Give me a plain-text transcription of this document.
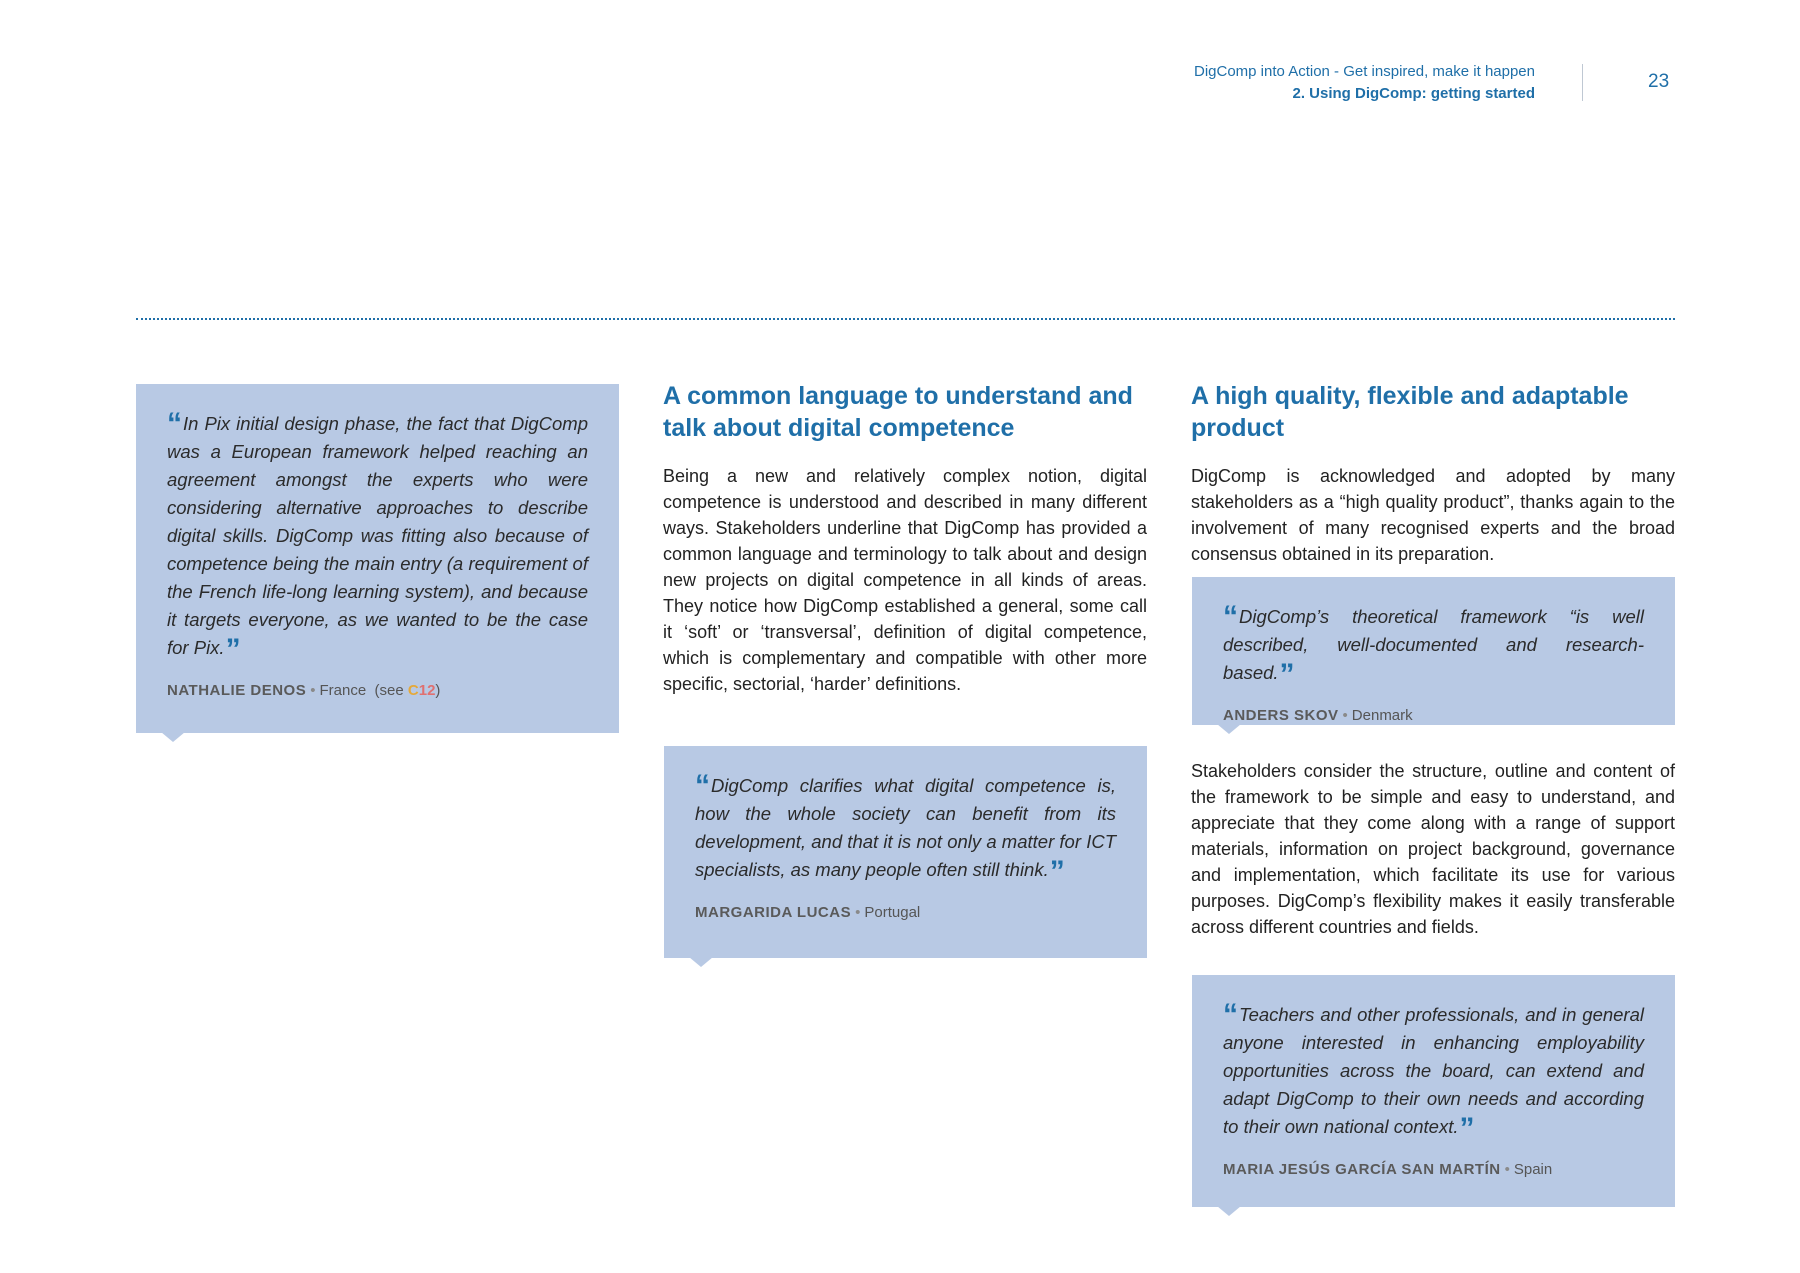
DigComp into Action - Get inspired, make it happen
2. Using DigComp: getting started
23

“In Pix initial design phase, the fact that DigComp was a European framework helped reaching an agreement amongst the experts who were considering alternative approaches to describe digital skills. DigComp was fitting also because of competence being the main entry (a requirement of the French life-long learning system), and because it targets everyone, as we wanted to be the case for Pix.”

NATHALIE DENOS • France (see C12)
A common language to understand and talk about digital competence

Being a new and relatively complex notion, digital competence is understood and described in many different ways. Stakeholders underline that DigComp has provided a common language and terminology to talk about and design new projects on digital competence in all kinds of areas. They notice how DigComp established a general, some call it ‘soft’ or ‘transversal’, definition of digital competence, which is complementary and compatible with other more specific, sectorial, ‘harder’ definitions.

“DigComp clarifies what digital competence is, how the whole society can benefit from its development, and that it is not only a matter for ICT specialists, as many people often still think.”

MARGARIDA LUCAS • Portugal
A high quality, flexible and adaptable product

DigComp is acknowledged and adopted by many stakeholders as a “high quality product”, thanks again to the involvement of many recognised experts and the broad consensus obtained in its preparation.

“DigComp’s theoretical framework “is well described, well-documented and research-based.”

ANDERS SKOV • Denmark

Stakeholders consider the structure, outline and content of the framework to be simple and easy to understand, and appreciate that they come along with a range of support materials, information on project background, governance and implementation, which facilitate its use for various purposes. DigComp’s flexibility makes it easily transferable across different countries and fields.

“Teachers and other professionals, and in general anyone interested in enhancing employability opportunities across the board, can extend and adapt DigComp to their own needs and according to their own national context.”

MARIA JESÚS GARCÍA SAN MARTÍN • Spain
